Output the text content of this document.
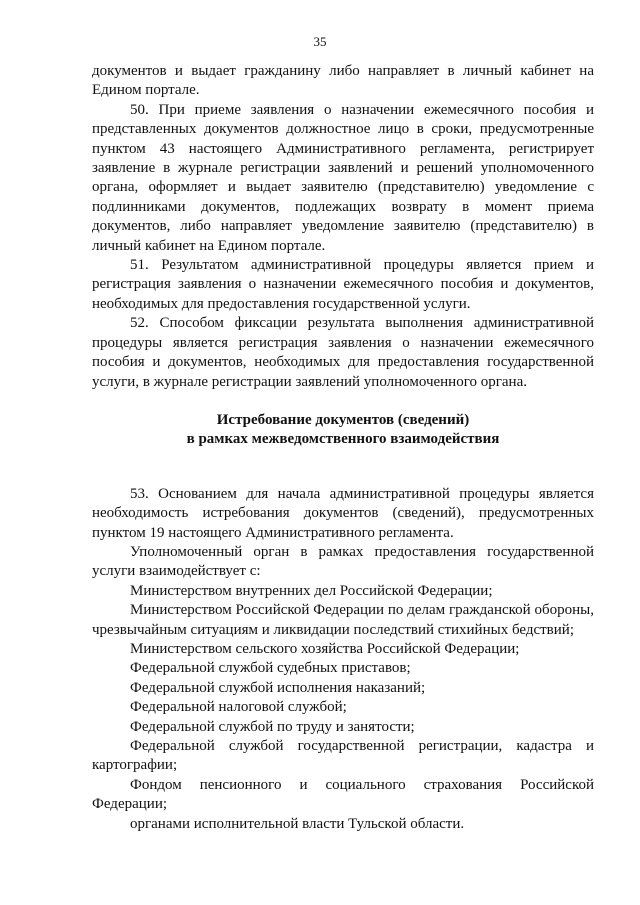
35

документов и выдает гражданину либо направляет в личный кабинет на Едином портале.

50. При приеме заявления о назначении ежемесячного пособия и представленных документов должностное лицо в сроки, предусмотренные пунктом 43 настоящего Административного регламента, регистрирует заявление в журнале регистрации заявлений и решений уполномоченного органа, оформляет и выдает заявителю (представителю) уведомление с подлинниками документов, подлежащих возврату в момент приема документов, либо направляет уведомление заявителю (представителю) в личный кабинет на Едином портале.

51. Результатом административной процедуры является прием и регистрация заявления о назначении ежемесячного пособия и документов, необходимых для предоставления государственной услуги.

52. Способом фиксации результата выполнения административной процедуры является регистрация заявления о назначении ежемесячного пособия и документов, необходимых для предоставления государственной услуги, в журнале регистрации заявлений уполномоченного органа.

Истребование документов (сведений)
в рамках межведомственного взаимодействия

53. Основанием для начала административной процедуры является необходимость истребования документов (сведений), предусмотренных пунктом 19 настоящего Административного регламента.

Уполномоченный орган в рамках предоставления государственной услуги взаимодействует с:

Министерством внутренних дел Российской Федерации;

Министерством Российской Федерации по делам гражданской обороны, чрезвычайным ситуациям и ликвидации последствий стихийных бедствий;

Министерством сельского хозяйства Российской Федерации;

Федеральной службой судебных приставов;

Федеральной службой исполнения наказаний;

Федеральной налоговой службой;

Федеральной службой по труду и занятости;

Федеральной службой государственной регистрации, кадастра и картографии;

Фондом пенсионного и социального страхования Российской Федерации;

органами исполнительной власти Тульской области.
